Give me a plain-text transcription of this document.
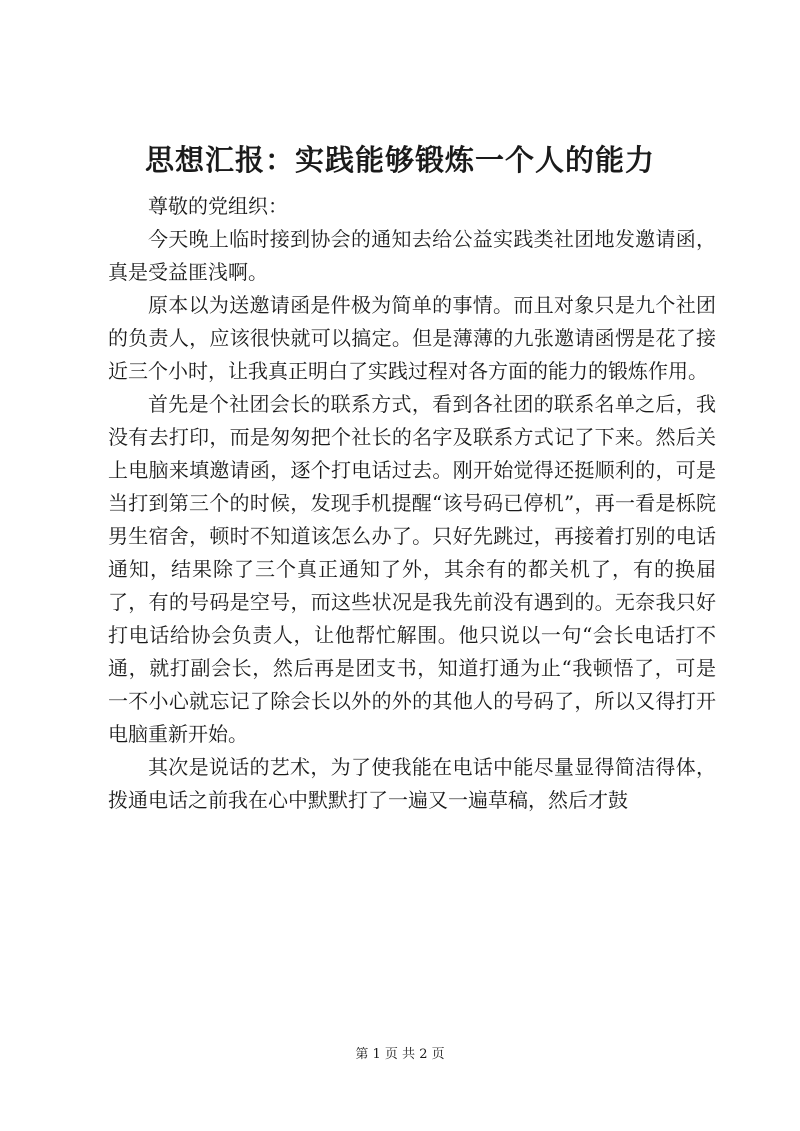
思想汇报：实践能够锻炼一个人的能力

尊敬的党组织：

今天晚上临时接到协会的通知去给公益实践类社团地发邀请函，真是受益匪浅啊。

原本以为送邀请函是件极为简单的事情。而且对象只是九个社团的负责人，应该很快就可以搞定。但是薄薄的九张邀请函愣是花了接近三个小时，让我真正明白了实践过程对各方面的能力的锻炼作用。

首先是个社团会长的联系方式，看到各社团的联系名单之后，我没有去打印，而是匆匆把个社长的名字及联系方式记了下来。然后关上电脑来填邀请函，逐个打电话过去。刚开始觉得还挺顺利的，可是当打到第三个的时候，发现手机提醒“该号码已停机”，再一看是栎院男生宿舍，顿时不知道该怎么办了。只好先跳过，再接着打别的电话通知，结果除了三个真正通知了外，其余有的都关机了，有的换届了，有的号码是空号，而这些状况是我先前没有遇到的。无奈我只好打电话给协会负责人，让他帮忙解围。他只说以一句“会长电话打不通，就打副会长，然后再是团支书，知道打通为止“我顿悟了，可是一不小心就忘记了除会长以外的外的其他人的号码了，所以又得打开电脑重新开始。

其次是说话的艺术，为了使我能在电话中能尽量显得简洁得体，拨通电话之前我在心中默默打了一遍又一遍草稿，然后才鼓

第 1 页 共 2 页
